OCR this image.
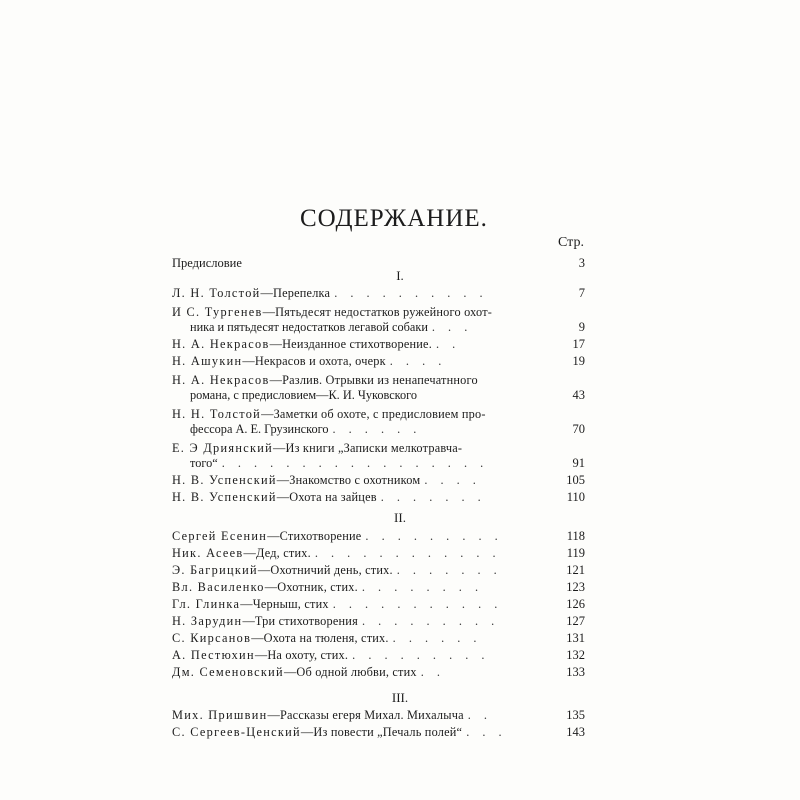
СОДЕРЖАНИЕ.
Стр.
Предисловие	3
I.
Л. Н. Толстой—Перепелка . . . . . . . . . .	7
И С. Тургенев—Пятьдесят недостатков ружейного охот-
ника и пятьдесят недостатков легавой собаки . . .	9
Н. А. Некрасов—Неизданное стихотворение. . .	17
Н. Ашукин—Некрасов и охота, очерк . . . .	19
Н. А. Некрасов—Разлив. Отрывки из ненапечатнного
романа, с предисловием—К. И. Чуковского	43
Н. Н. Толстой—Заметки об охоте, с предисловием про-
фессора А. Е. Грузинского . . . . . .	70
Е. Э Дриянский—Из книги „Записки мелкотравча-
того“ . . . . . . . . . . . . . . . . .	91
Н. В. Успенский—Знакомство с охотником . . . .	105
Н. В. Успенский—Охота на зайцев . . . . . . .	110
II.
Сергей Есенин—Стихотворение . . . . . . . . .	118
Ник. Асеев—Дед, стих. . . . . . . . . . . . .	119
Э. Багрицкий—Охотничий день, стих. . . . . . . .	121
Вл. Василенко—Охотник, стих. . . . . . . . .	123
Гл. Глинка—Черныш, стих . . . . . . . . . . .	126
Н. Зарудин—Три стихотворения . . . . . . . . .	127
С. Кирсанов—Охота на тюленя, стих. . . . . . .	131
А. Пестюхин—На охоту, стих. . . . . . . . . .	132
Дм. Семеновский—Об одной любви, стих . .	133
III.
Мих. Пришвин—Рассказы егеря Михал. Михалыча . .	135
С. Сергеев-Ценский—Из повести „Печаль полей“ . . .	143
